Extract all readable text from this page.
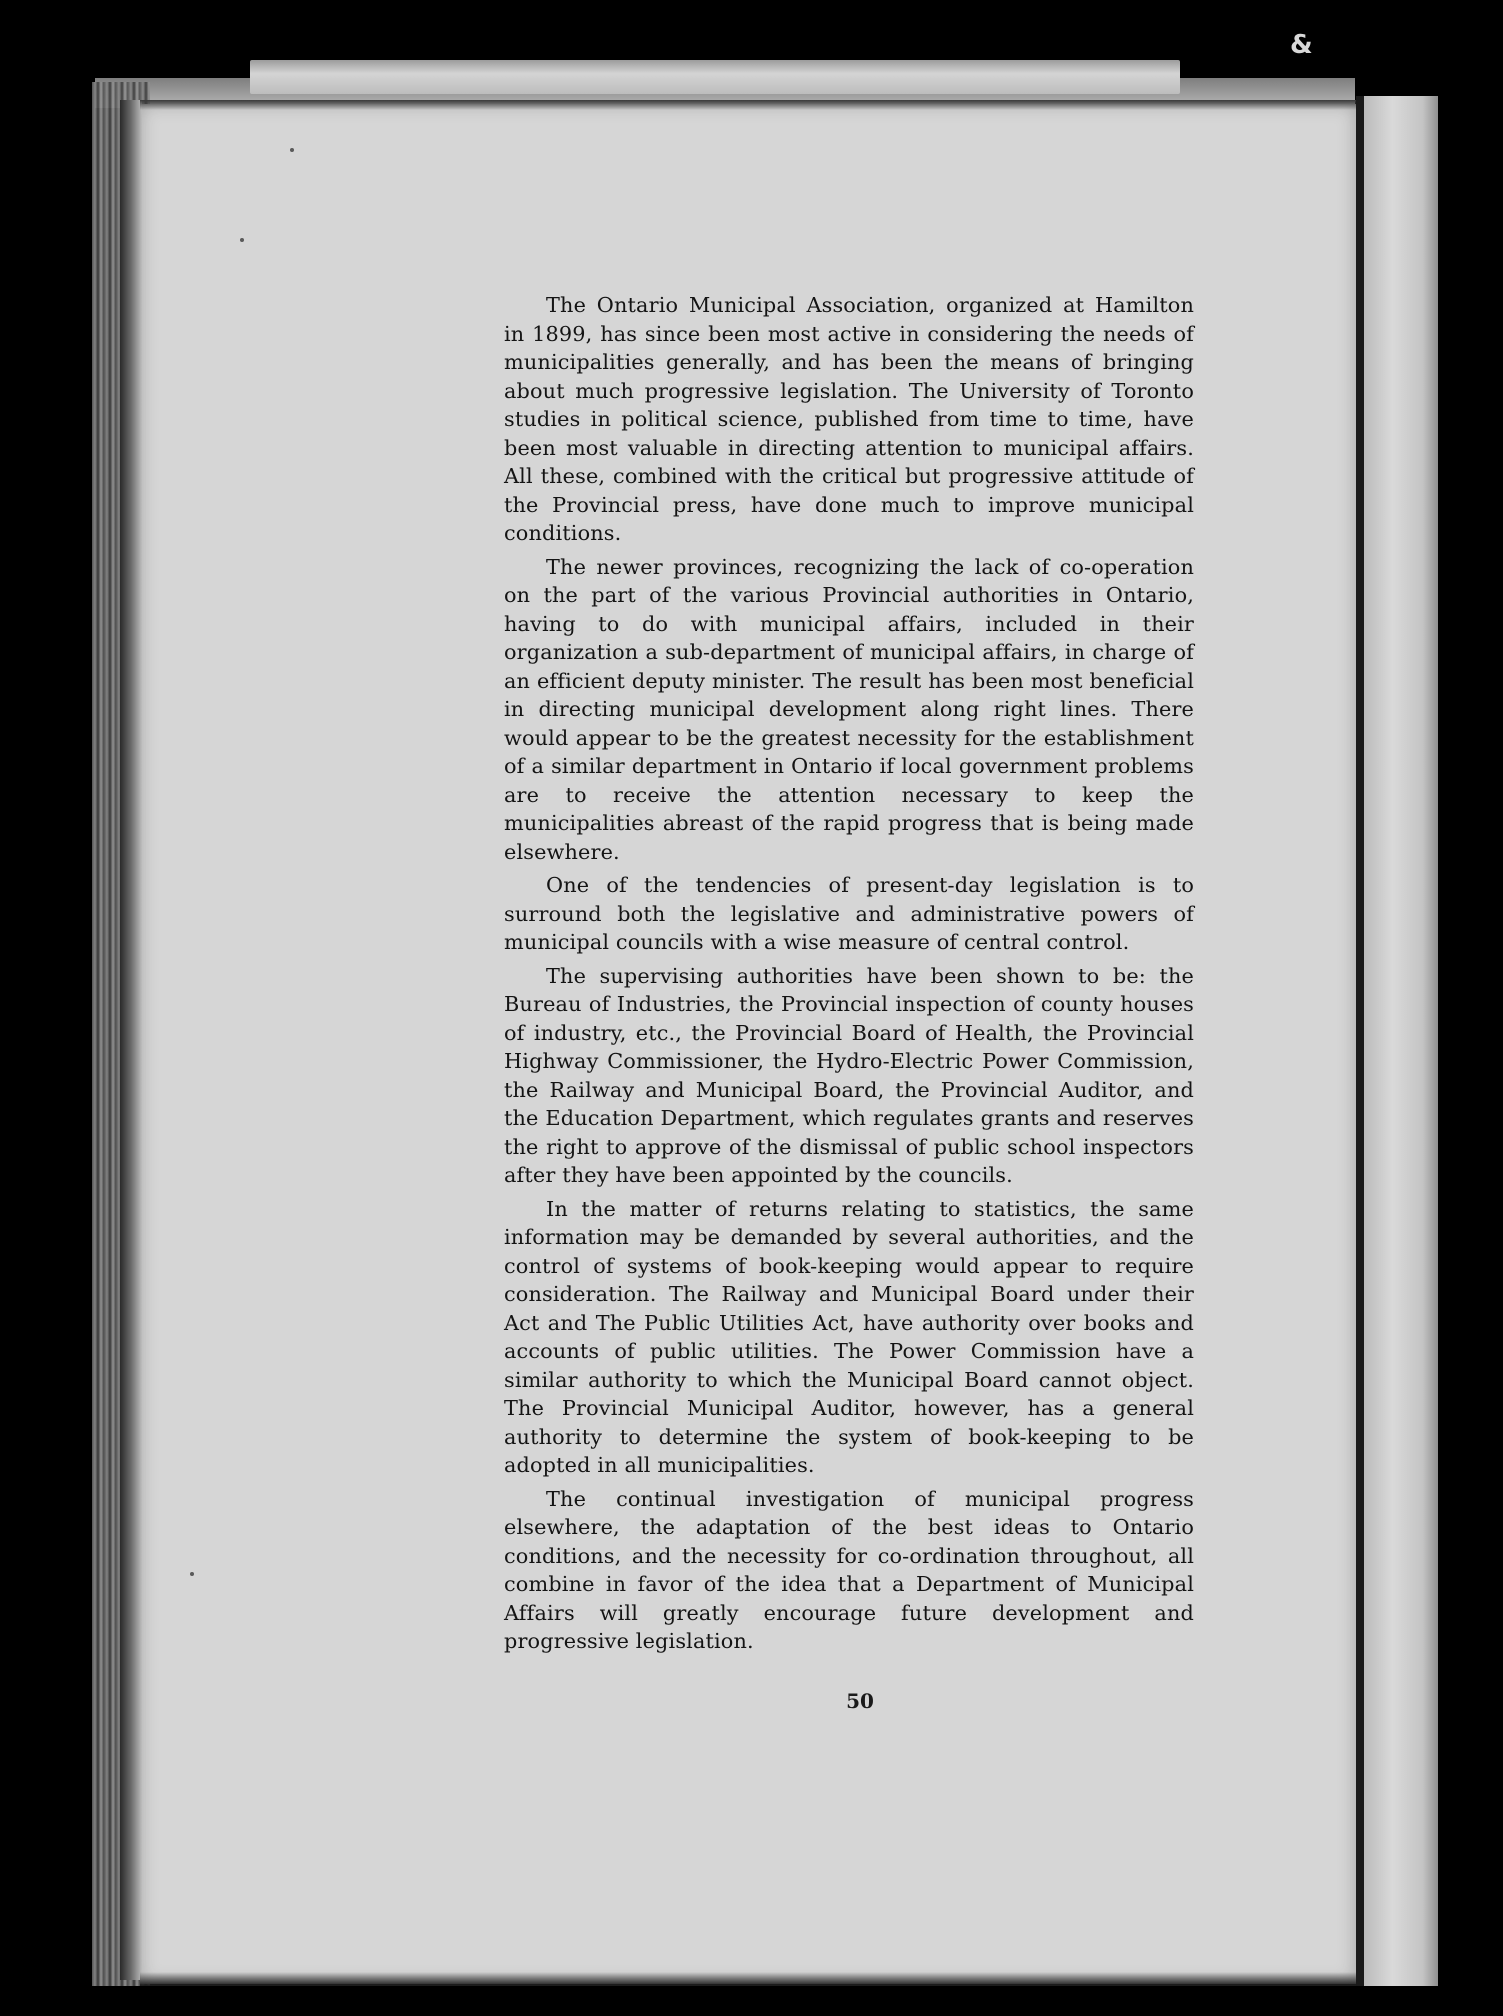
&

The Ontario Municipal Association, organized at Hamilton in 1899, has since been most active in considering the needs of municipalities generally, and has been the means of bringing about much progressive legislation. The University of Toronto studies in political science, published from time to time, have been most valuable in directing attention to municipal affairs. All these, combined with the critical but progressive attitude of the Provincial press, have done much to improve municipal conditions.

The newer provinces, recognizing the lack of co-operation on the part of the various Provincial authorities in Ontario, having to do with municipal affairs, included in their organization a sub-department of municipal affairs, in charge of an efficient deputy minister. The result has been most beneficial in directing municipal development along right lines. There would appear to be the greatest necessity for the establishment of a similar department in Ontario if local government problems are to receive the attention necessary to keep the municipalities abreast of the rapid progress that is being made elsewhere.

One of the tendencies of present-day legislation is to surround both the legislative and administrative powers of municipal councils with a wise measure of central control.

The supervising authorities have been shown to be: the Bureau of Industries, the Provincial inspection of county houses of industry, etc., the Provincial Board of Health, the Provincial Highway Commissioner, the Hydro-Electric Power Commission, the Railway and Municipal Board, the Provincial Auditor, and the Education Department, which regulates grants and reserves the right to approve of the dismissal of public school inspectors after they have been appointed by the councils.

In the matter of returns relating to statistics, the same information may be demanded by several authorities, and the control of systems of book-keeping would appear to require consideration. The Railway and Municipal Board under their Act and The Public Utilities Act, have authority over books and accounts of public utilities. The Power Commission have a similar authority to which the Municipal Board cannot object. The Provincial Municipal Auditor, however, has a general authority to determine the system of book-keeping to be adopted in all municipalities.

The continual investigation of municipal progress elsewhere, the adaptation of the best ideas to Ontario conditions, and the necessity for co-ordination throughout, all combine in favor of the idea that a Department of Municipal Affairs will greatly encourage future development and progressive legislation.

50
